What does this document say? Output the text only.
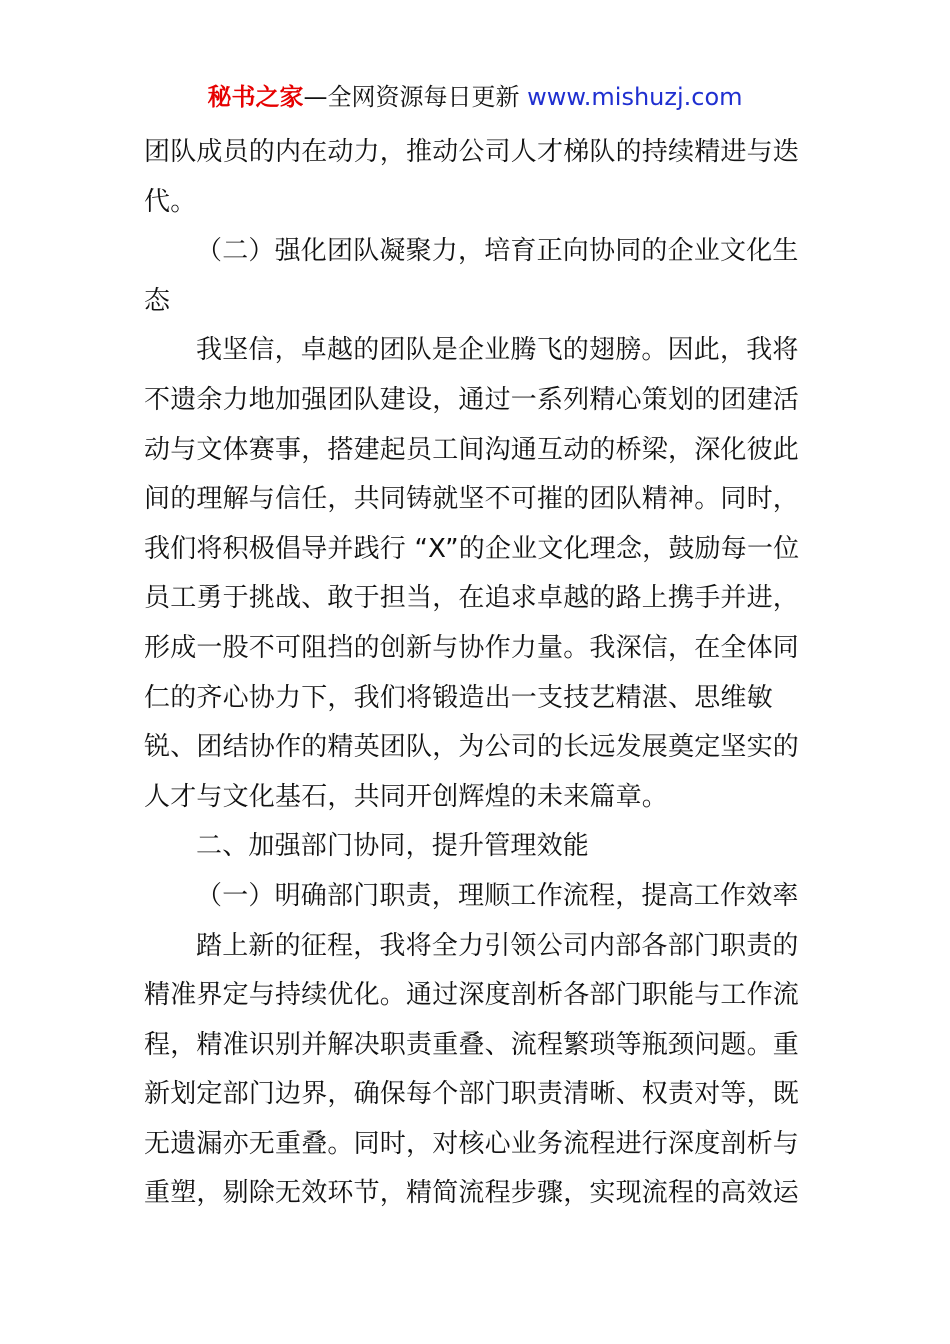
秘书之家—全网资源每日更新 www.mishuzj.com
团队成员的内在动力，推动公司人才梯队的持续精进与迭
代。
（二）强化团队凝聚力，培育正向协同的企业文化生
态
我坚信，卓越的团队是企业腾飞的翅膀。因此，我将
不遗余力地加强团队建设，通过一系列精心策划的团建活
动与文体赛事，搭建起员工间沟通互动的桥梁，深化彼此
间的理解与信任，共同铸就坚不可摧的团队精神。同时，
我们将积极倡导并践行 “X”的企业文化理念，鼓励每一位
员工勇于挑战、敢于担当，在追求卓越的路上携手并进，
形成一股不可阻挡的创新与协作力量。我深信，在全体同
仁的齐心协力下，我们将锻造出一支技艺精湛、思维敏
锐、团结协作的精英团队，为公司的长远发展奠定坚实的
人才与文化基石，共同开创辉煌的未来篇章。
二、加强部门协同，提升管理效能
（一）明确部门职责，理顺工作流程，提高工作效率
踏上新的征程，我将全力引领公司内部各部门职责的
精准界定与持续优化。通过深度剖析各部门职能与工作流
程，精准识别并解决职责重叠、流程繁琐等瓶颈问题。重
新划定部门边界，确保每个部门职责清晰、权责对等，既
无遗漏亦无重叠。同时，对核心业务流程进行深度剖析与
重塑，剔除无效环节，精简流程步骤，实现流程的高效运
